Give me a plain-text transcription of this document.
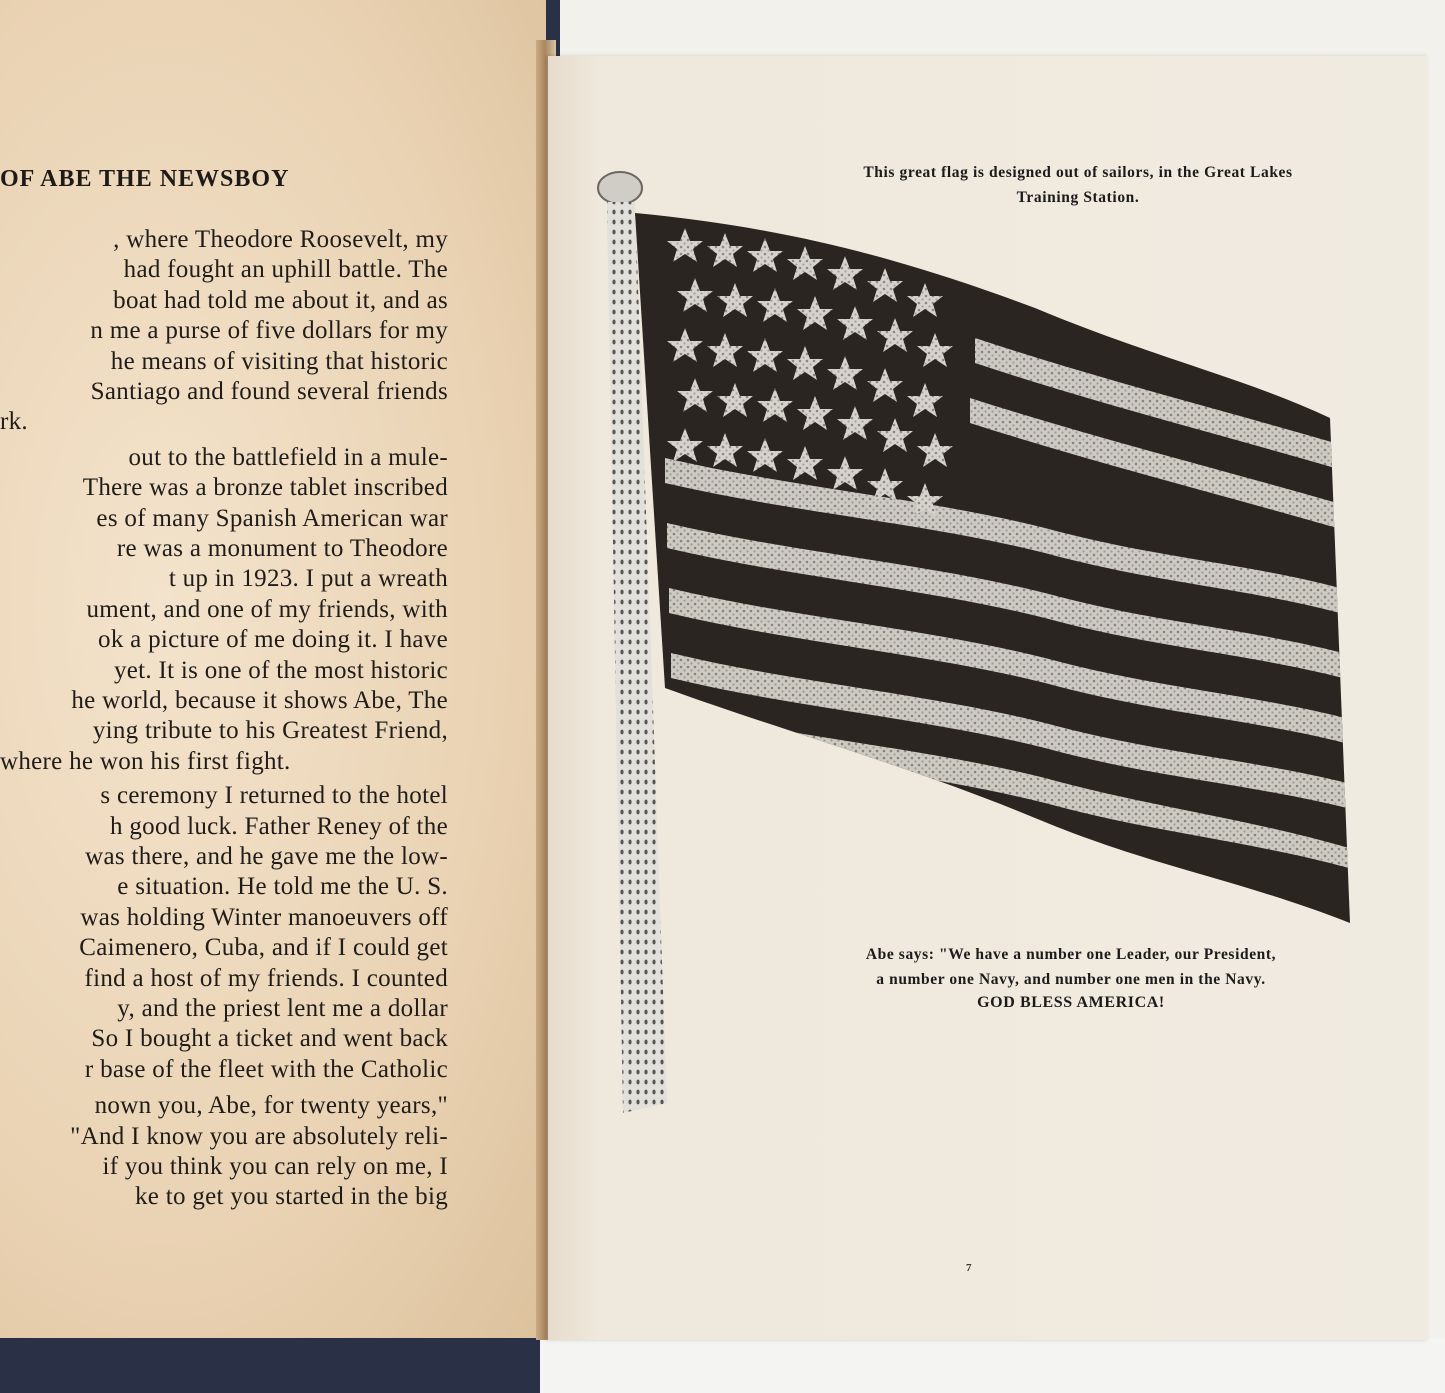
OF ABE THE NEWSBOY
, where Theodore Roosevelt, my
had fought an uphill battle. The
boat had told me about it, and as
n me a purse of five dollars for my
he means of visiting that historic
Santiago and found several friends
rk.
out to the battlefield in a mule-
There was a bronze tablet inscribed
es of many Spanish American war
re was a monument to Theodore
t up in 1923. I put a wreath
ument, and one of my friends, with
ok a picture of me doing it. I have
yet. It is one of the most historic
he world, because it shows Abe, The
ying tribute to his Greatest Friend,
where he won his first fight.
s ceremony I returned to the hotel
h good luck. Father Reney of the
was there, and he gave me the low-
e situation. He told me the U. S.
was holding Winter manoeuvers off
Caimenero, Cuba, and if I could get
find a host of my friends. I counted
y, and the priest lent me a dollar
So I bought a ticket and went back
r base of the fleet with the Catholic
nown you, Abe, for twenty years,"
"And I know you are absolutely reli-
if you think you can rely on me, I
ke to get you started in the big
This great flag is designed out of sailors, in the Great Lakes
Training Station.
Abe says: "We have a number one Leader, our President,
a number one Navy, and number one men in the Navy.
GOD BLESS AMERICA!
7
